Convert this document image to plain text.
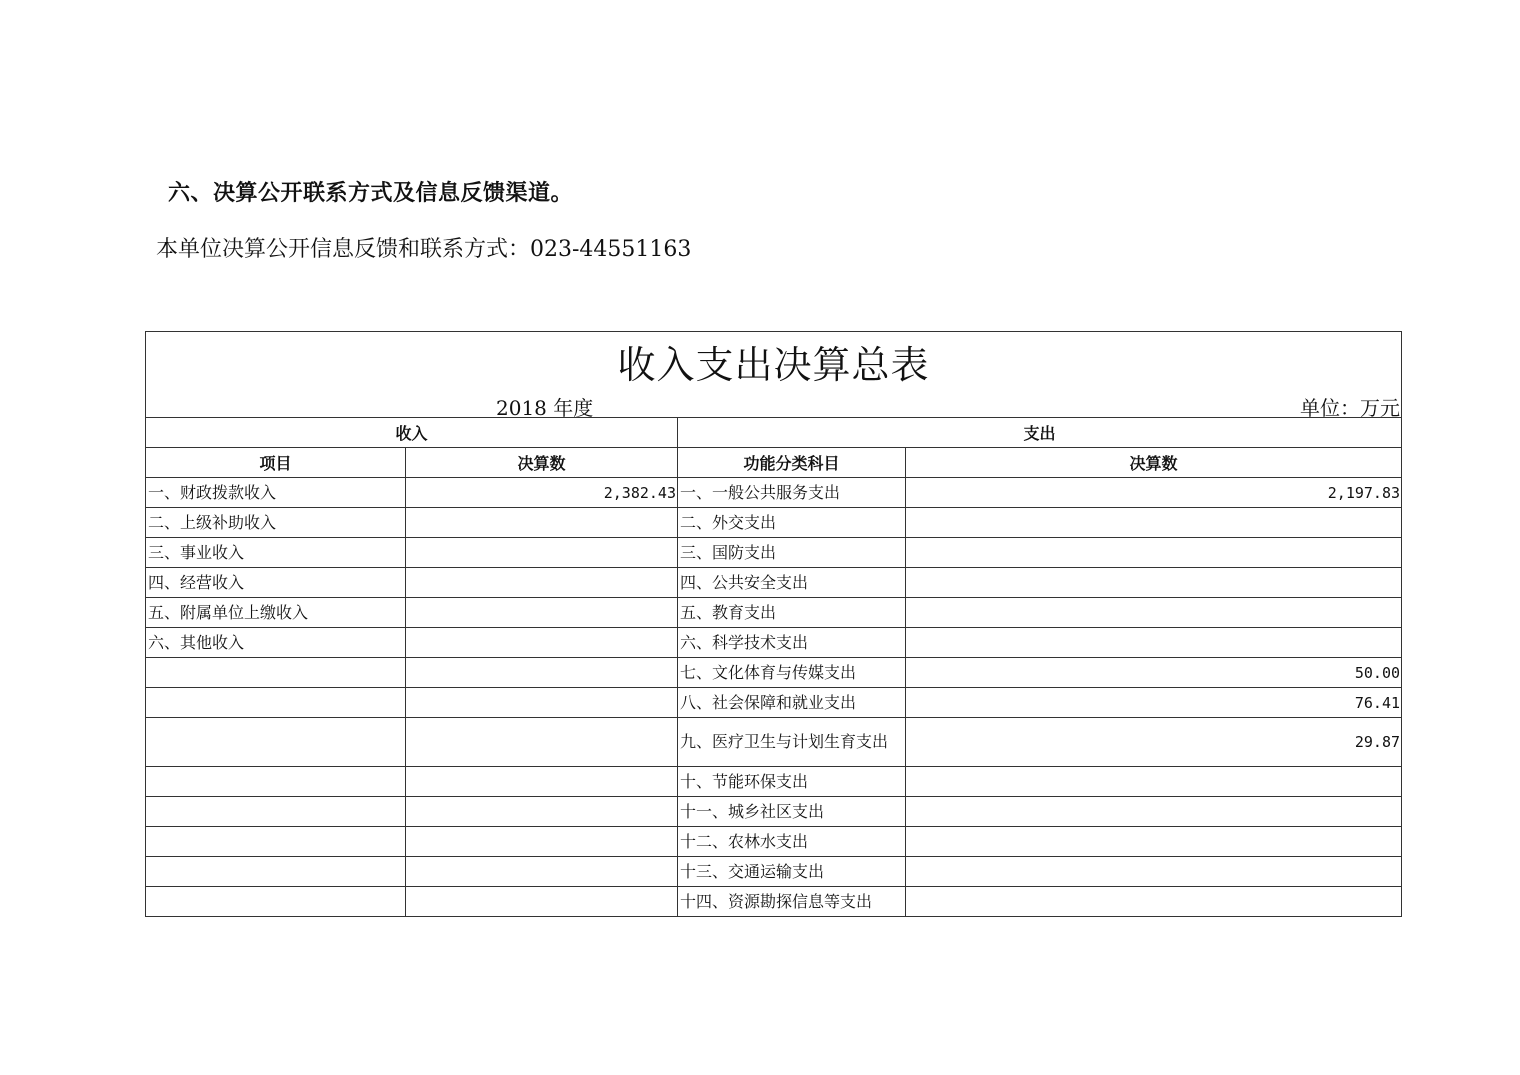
六、决算公开联系方式及信息反馈渠道。
本单位决算公开信息反馈和联系方式：023-44551163
收入支出决算总表			

2018 年度 单位：万元			

收入		支出	
项目	决算数	功能分类科目	决算数
一、财政拨款收入	2,382.43	一、一般公共服务支出	2,197.83
二、上级补助收入		二、外交支出	
三、事业收入		三、国防支出	
四、经营收入		四、公共安全支出	
五、附属单位上缴收入		五、教育支出	
六、其他收入		六、科学技术支出	
		七、文化体育与传媒支出	50.00
		八、社会保障和就业支出	76.41
		九、医疗卫生与计划生育支出	29.87
		十、节能环保支出	
		十一、城乡社区支出	
		十二、农林水支出	
		十三、交通运输支出	
		十四、资源勘探信息等支出	
